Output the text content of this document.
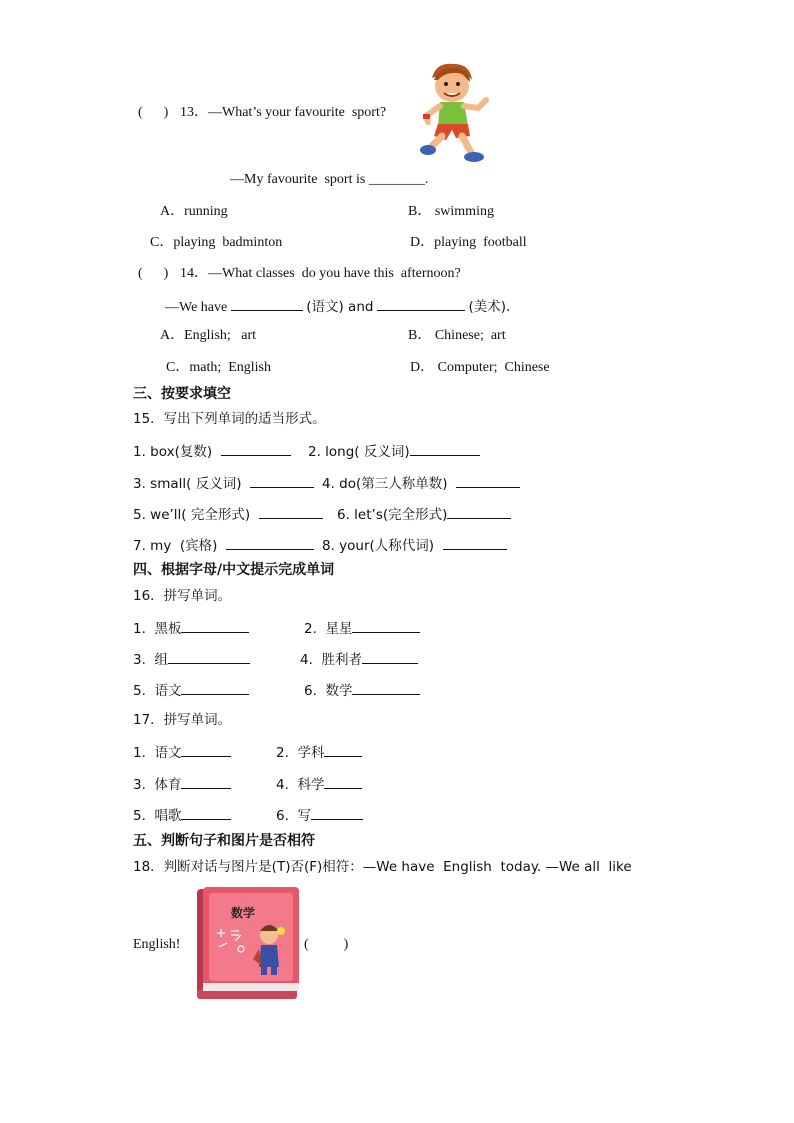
(      ) 13．—What’s your favourite  sport?
—My favourite  sport is ________.
A．running	B． swimming
C．playing  badminton	D．playing  football
(      ) 14．—What classes  do you have this  afternoon?
—We have	(语文) and	(美术).
A．English;   art	B． Chinese;  art
C．math;  English	D． Computer;  Chinese
三、按要求填空
15．写出下列单词的适当形式。
1. box(复数)	2. long( 反义词)
3. small( 反义词)	4. do(第三人称单数)
5. we’ll( 完全形式)	6. let’s(完全形式)
7. my  (宾格)	8. your(人称代词)
四、根据字母/中文提示完成单词
16．拼写单词。
1.  黑板	2.  星星
3.  组	4.  胜利者
5.  语文	6.  数学
17．拼写单词。
1.  语文	2.  学科
3.  体育	4.  科学
5.  唱歌	6.  写
五、判断句子和图片是否相符
18．判断对话与图片是(T)否(F)相符：—We have  English  today. —We all  like
English!
数学
(          )
